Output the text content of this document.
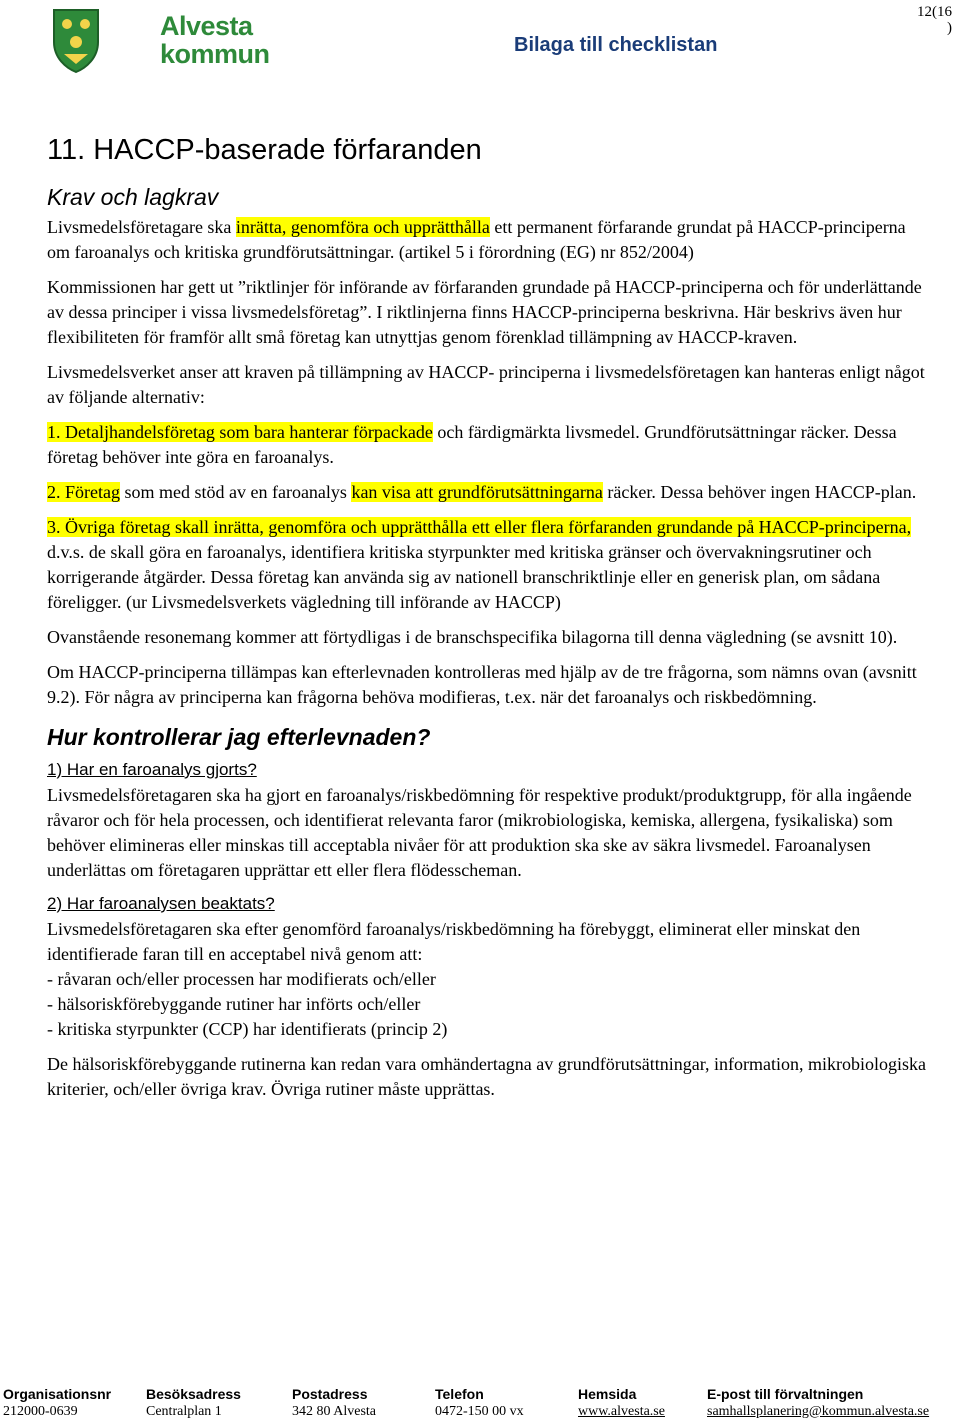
Alvesta
kommun	Bilaga till checklistan
12(16
)
11. HACCP-baserade förfaranden
Krav och lagkrav

Livsmedelsföretagare ska inrätta, genomföra och upprätthålla ett permanent förfarande grundat på HACCP-principerna om faroanalys och kritiska grundförutsättningar. (artikel 5 i förordning (EG) nr 852/2004)

Kommissionen har gett ut ”riktlinjer för införande av förfaranden grundade på HACCP-principerna och för underlättande av dessa principer i vissa livsmedelsföretag”. I riktlinjerna finns HACCP-principerna beskrivna. Här beskrivs även hur flexibiliteten för framför allt små företag kan utnyttjas genom förenklad tillämpning av HACCP-kraven.

Livsmedelsverket anser att kraven på tillämpning av HACCP- principerna i livsmedelsföretagen kan hanteras enligt något av följande alternativ:

1. Detaljhandelsföretag som bara hanterar förpackade och färdigmärkta livsmedel. Grundförutsättningar räcker. Dessa företag behöver inte göra en faroanalys.

2. Företag som med stöd av en faroanalys kan visa att grundförutsättningarna räcker. Dessa behöver ingen HACCP-plan.

3. Övriga företag skall inrätta, genomföra och upprätthålla ett eller flera förfaranden grundande på HACCP-principerna, d.v.s. de skall göra en faroanalys, identifiera kritiska styrpunkter med kritiska gränser och övervakningsrutiner och korrigerande åtgärder. Dessa företag kan använda sig av nationell branschriktlinje eller en generisk plan, om sådana föreligger. (ur Livsmedelsverkets vägledning till införande av HACCP)

Ovanstående resonemang kommer att förtydligas i de branschspecifika bilagorna till denna vägledning (se avsnitt 10).

Om HACCP-principerna tillämpas kan efterlevnaden kontrolleras med hjälp av de tre frågorna, som nämns ovan (avsnitt 9.2). För några av principerna kan frågorna behöva modifieras, t.ex. när det faroanalys och riskbedömning.

Hur kontrollerar jag efterlevnaden?
1) Har en faroanalys gjorts?

Livsmedelsföretagaren ska ha gjort en faroanalys/riskbedömning för respektive produkt/produktgrupp, för alla ingående råvaror och för hela processen, och identifierat relevanta faror (mikrobiologiska, kemiska, allergena, fysikaliska) som behöver elimineras eller minskas till acceptabla nivåer för att produktion ska ske av säkra livsmedel. Faroanalysen underlättas om företagaren upprättar ett eller flera flödesscheman.

2) Har faroanalysen beaktats?

Livsmedelsföretagaren ska efter genomförd faroanalys/riskbedömning ha förebyggt, eliminerat eller minskat den identifierade faran till en acceptabel nivå genom att:
- råvaran och/eller processen har modifierats och/eller
- hälsoriskförebyggande rutiner har införts och/eller
- kritiska styrpunkter (CCP) har identifierats (princip 2)

De hälsoriskförebyggande rutinerna kan redan vara omhändertagna av grundförutsättningar, information, mikrobiologiska kriterier, och/eller övriga krav. Övriga rutiner måste upprättas.

Organisationsnr
212000-0639
Besöksadress
Centralplan 1
Postadress
342 80 Alvesta
Telefon
0472-150 00 vx
Hemsida
www.alvesta.se
E-post till förvaltningen
samhallsplanering@kommun.alvesta.se
